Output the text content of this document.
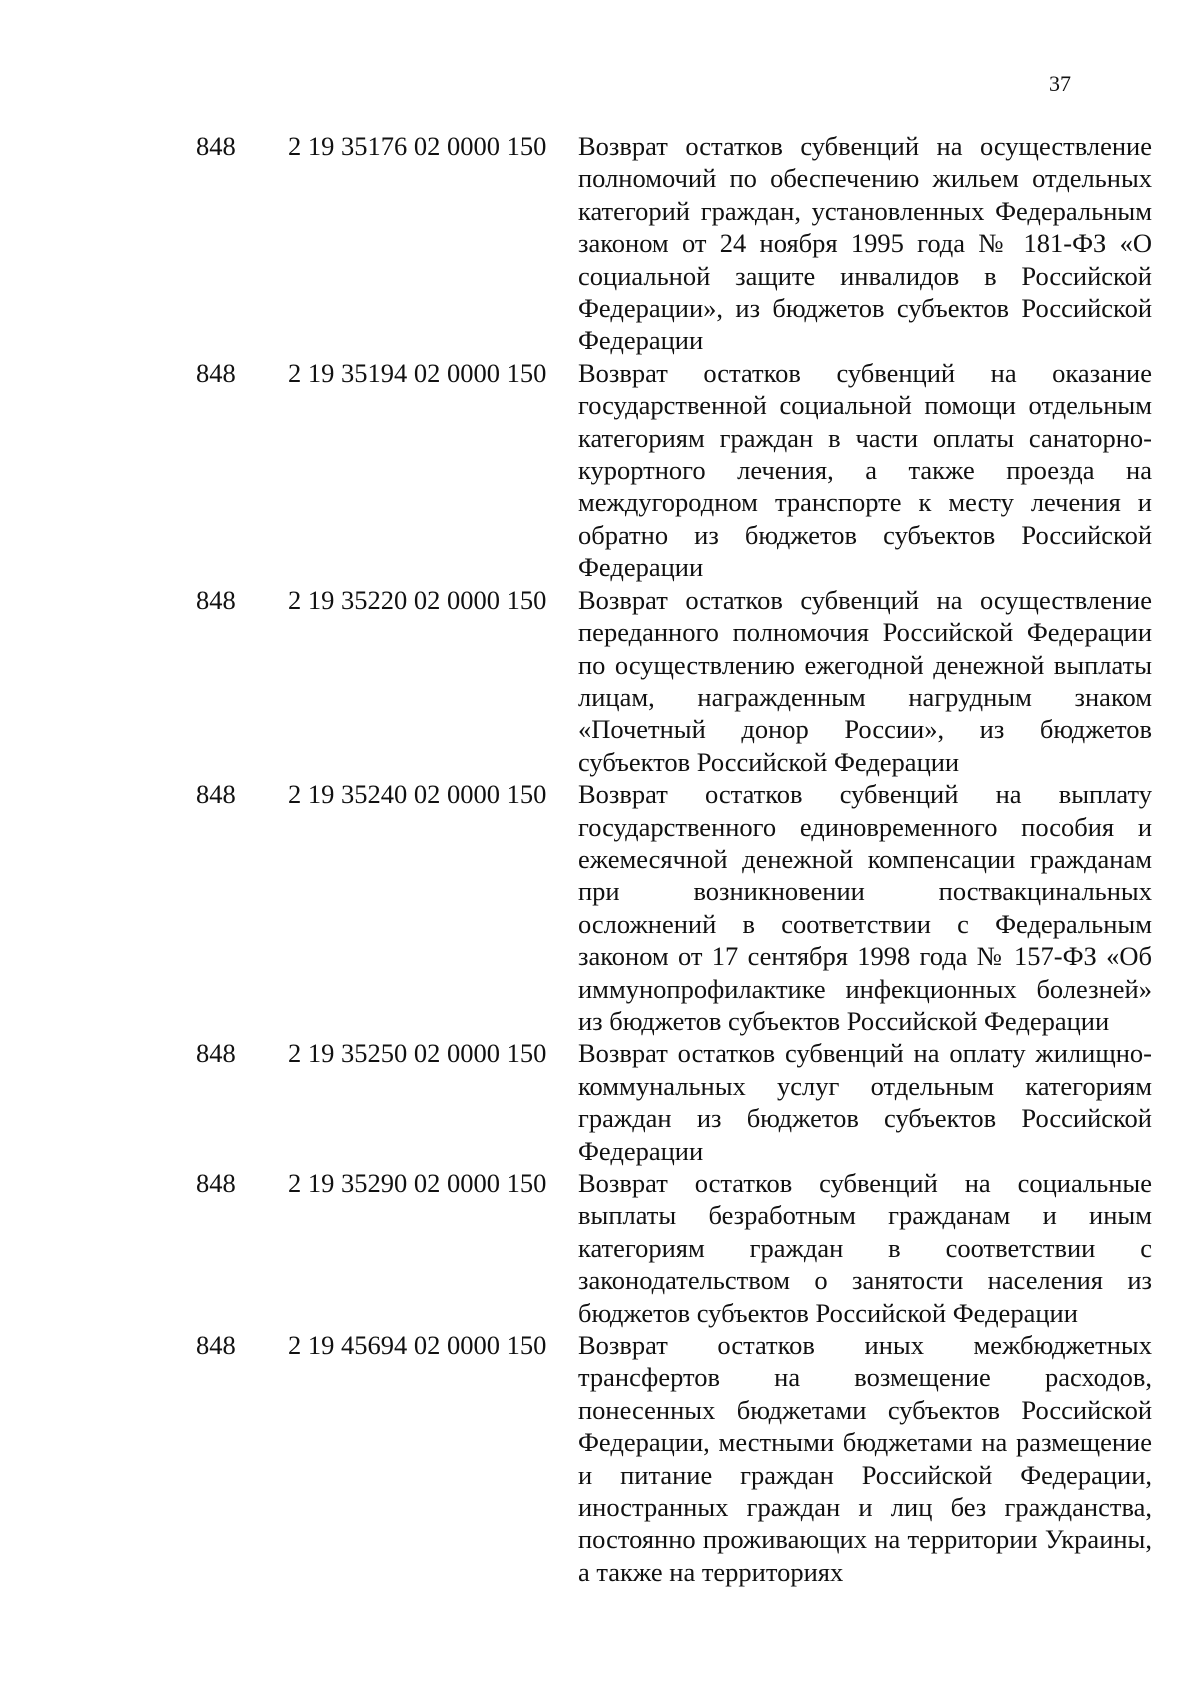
37
848	2 19 35176 02 0000 150	Возврат остатков субвенций на осуществление полномочий по обеспечению жильем отдельных категорий граждан, установленных Федеральным законом от 24 ноября 1995 года № 181-ФЗ «О социальной защите инвалидов в Российской Федерации», из бюджетов субъектов Российской Федерации
848	2 19 35194 02 0000 150	Возврат остатков субвенций на оказание государственной социальной помощи отдельным категориям граждан в части оплаты санаторно-курортного лечения, а также проезда на междугородном транспорте к месту лечения и обратно из бюджетов субъектов Российской Федерации
848	2 19 35220 02 0000 150	Возврат остатков субвенций на осуществление переданного полномочия Российской Федерации по осуществлению ежегодной денежной выплаты лицам, награжденным нагрудным знаком «Почетный донор России», из бюджетов субъектов Российской Федерации
848	2 19 35240 02 0000 150	Возврат остатков субвенций на выплату государственного единовременного пособия и ежемесячной денежной компенсации гражданам при возникновении поствакцинальных осложнений в соответствии с Федеральным законом от 17 сентября 1998 года № 157-ФЗ «Об иммунопрофилактике инфекционных болезней» из бюджетов субъектов Российской Федерации
848	2 19 35250 02 0000 150	Возврат остатков субвенций на оплату жилищно-коммунальных услуг отдельным категориям граждан из бюджетов субъектов Российской Федерации
848	2 19 35290 02 0000 150	Возврат остатков субвенций на социальные выплаты безработным гражданам и иным категориям граждан в соответствии с законодательством о занятости населения из бюджетов субъектов Российской Федерации
848	2 19 45694 02 0000 150	Возврат остатков иных межбюджетных трансфертов на возмещение расходов, понесенных бюджетами субъектов Российской Федерации, местными бюджетами на размещение и питание граждан Российской Федерации, иностранных граждан и лиц без гражданства, постоянно проживающих на территории Украины, а также на территориях
